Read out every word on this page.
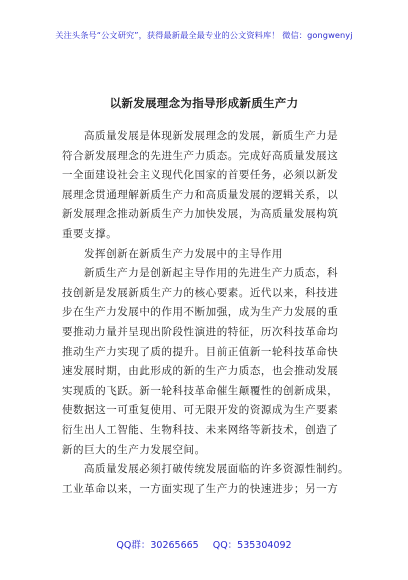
关注头条号“公文研究”，获得最新最全最专业的公文资料库！ 微信：gongwenyj
以新发展理念为指导形成新质生产力
高质量发展是体现新发展理念的发展，新质生产力是
符合新发展理念的先进生产力质态。完成好高质量发展这
一全面建设社会主义现代化国家的首要任务，必须以新发
展理念贯通理解新质生产力和高质量发展的逻辑关系，以
新发展理念推动新质生产力加快发展，为高质量发展构筑
重要支撑。
发挥创新在新质生产力发展中的主导作用
新质生产力是创新起主导作用的先进生产力质态，科
技创新是发展新质生产力的核心要素。近代以来，科技进
步在生产力发展中的作用不断加强，成为生产力发展的重
要推动力量并呈现出阶段性演进的特征，历次科技革命均
推动生产力实现了质的提升。目前正值新一轮科技革命快
速发展时期，由此形成的新的生产力质态，也会推动发展
实现质的飞跃。新一轮科技革命催生颠覆性的创新成果，
使数据这一可重复使用、可无限开发的资源成为生产要素
衍生出人工智能、生物科技、未来网络等新技术，创造了
新的巨大的生产力发展空间。
高质量发展必须打破传统发展面临的许多资源性制约。
工业革命以来，一方面实现了生产力的快速进步；另一方
QQ群：30265665 QQ：535304092
